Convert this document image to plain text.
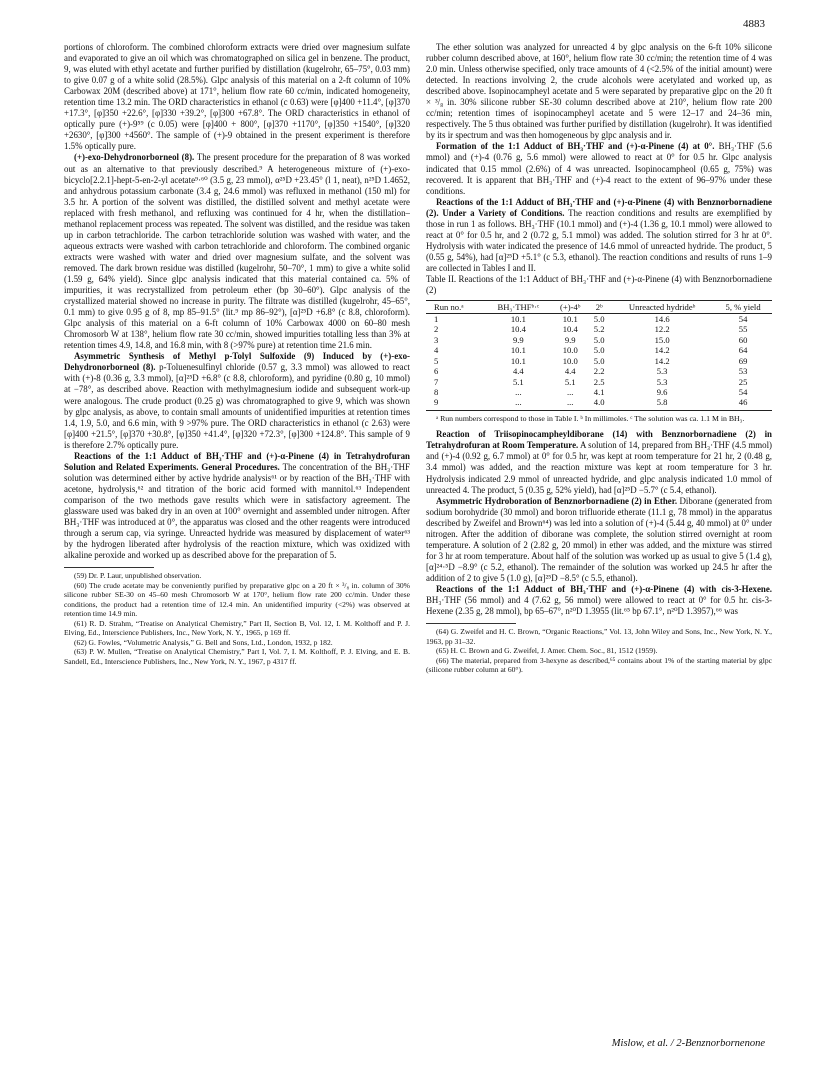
4883

portions of chloroform. The combined chloroform extracts were dried over magnesium sulfate and evaporated to give an oil which was chromatographed on silica gel in benzene. The product, 9, was eluted with ethyl acetate and further purified by distillation (kugelrohr, 65–75°, 0.03 mm) to give 0.07 g of a white solid (28.5%). Glpc analysis of this material on a 2-ft column of 10% Carbowax 20M (described above) at 171°, helium flow rate 60 cc/min, indicated homogeneity, retention time 13.2 min. The ORD characteristics in ethanol (c 0.63) were [φ]400 +11.4°, [φ]370 +17.3°, [φ]350 +22.6°, [φ]330 +39.2°, [φ]300 +67.8°. The ORD characteristics in ethanol of optically pure (+)-9⁵⁹ (c 0.05) were [φ]400 + 800°, [φ]370 +1170°, [φ]350 +1540°, [φ]320 +2630°, [φ]300 +4560°. The sample of (+)-9 obtained in the present experiment is therefore 1.5% optically pure.

(+)-exo-Dehydronorborneol (8). The present procedure for the preparation of 8 was worked out as an alternative to that previously described.⁹ A heterogeneous mixture of (+)-exo-bicyclo[2.2.1]-hept-5-en-2-yl acetate⁹·⁶⁰ (3.5 g, 23 mmol), α²⁵D +23.45° (l 1, neat), n²⁵D 1.4652, and anhydrous potassium carbonate (3.4 g, 24.6 mmol) was refluxed in methanol (150 ml) for 3.5 hr. A portion of the solvent was distilled, the distilled solvent and methyl acetate were replaced with fresh methanol, and refluxing was continued for 4 hr, when the distillation–methanol replacement process was repeated. The solvent was distilled, and the residue was taken up in carbon tetrachloride. The carbon tetrachloride solution was washed with water, and the aqueous extracts were washed with carbon tetrachloride and chloroform. The combined organic extracts were washed with water and dried over magnesium sulfate, and the solvent was removed. The dark brown residue was distilled (kugelrohr, 50–70°, 1 mm) to give a white solid (1.59 g, 64% yield). Since glpc analysis indicated that this material contained ca. 5% of impurities, it was recrystallized from petroleum ether (bp 30–60°). Glpc analysis of the crystallized material showed no increase in purity. The filtrate was distilled (kugelrohr, 45–65°, 0.1 mm) to give 0.95 g of 8, mp 85–91.5° (lit.⁹ mp 86–92°), [α]²⁵D +6.8° (c 8.8, chloroform). Glpc analysis of this material on a 6-ft column of 10% Carbowax 4000 on 60–80 mesh Chromosorb W at 138°, helium flow rate 30 cc/min, showed impurities totalling less than 3% at retention times 4.9, 14.8, and 16.8 min, with 8 (>97% pure) at retention time 21.6 min.

Asymmetric Synthesis of Methyl p-Tolyl Sulfoxide (9) Induced by (+)-exo-Dehydronorborneol (8). p-Toluenesulfinyl chloride (0.57 g, 3.3 mmol) was allowed to react with (+)-8 (0.36 g, 3.3 mmol), [α]²⁵D +6.8° (c 8.8, chloroform), and pyridine (0.80 g, 10 mmol) at −78°, as described above. Reaction with methylmagnesium iodide and subsequent work-up were analogous. The crude product (0.25 g) was chromatographed to give 9, which was shown by glpc analysis, as above, to contain small amounts of unidentified impurities at retention times 1.4, 1.9, 5.0, and 6.6 min, with 9 >97% pure. The ORD characteristics in ethanol (c 2.63) were [φ]400 +21.5°, [φ]370 +30.8°, [φ]350 +41.4°, [φ]320 +72.3°, [φ]300 +124.8°. This sample of 9 is therefore 2.7% optically pure.

Reactions of the 1:1 Adduct of BH₃·THF and (+)-α-Pinene (4) in Tetrahydrofuran Solution and Related Experiments. General Procedures. The concentration of the BH₃·THF solution was determined either by active hydride analysis⁶¹ or by reaction of the BH₃·THF with acetone, hydrolysis,⁶² and titration of the boric acid formed with mannitol.⁶³ Independent comparison of the two methods gave results which were in satisfactory agreement. The glassware used was baked dry in an oven at 100° overnight and assembled under nitrogen. After BH₃·THF was introduced at 0°, the apparatus was closed and the other reagents were introduced through a serum cap, via syringe. Unreacted hydride was measured by displacement of water⁶³ by the hydrogen liberated after hydrolysis of the reaction mixture, which was oxidized with alkaline peroxide and worked up as described above for the preparation of 5.

(59) Dr. P. Laur, unpublished observation.
(60) The crude acetate may be conveniently purified by preparative glpc on a 20 ft × ³/₈ in. column of 30% silicone rubber SE-30 on 45–60 mesh Chromosorb W at 170°, helium flow rate 200 cc/min. Under these conditions, the product had a retention time of 12.4 min. An unidentified impurity (<2%) was observed at retention time 14.9 min.
(61) R. D. Strahm, “Treatise on Analytical Chemistry,” Part II, Section B, Vol. 12, I. M. Kolthoff and P. J. Elving, Ed., Interscience Publishers, Inc., New York, N. Y., 1965, p 169 ff.
(62) G. Fowles, “Volumetric Analysis,” G. Bell and Sons, Ltd., London, 1932, p 182.
(63) P. W. Mullen, “Treatise on Analytical Chemistry,” Part I, Vol. 7, I. M. Kolthoff, P. J. Elving, and E. B. Sandell, Ed., Interscience Publishers, Inc., New York, N. Y., 1967, p 4317 ff.

The ether solution was analyzed for unreacted 4 by glpc analysis on the 6-ft 10% silicone rubber column described above, at 160°, helium flow rate 30 cc/min; the retention time of 4 was 2.0 min. Unless otherwise specified, only trace amounts of 4 (<2.5% of the initial amount) were detected. In reactions involving 2, the crude alcohols were acetylated and worked up, as described above. Isopinocampheyl acetate and 5 were separated by preparative glpc on the 20 ft × ³/₈ in. 30% silicone rubber SE-30 column described above at 210°, helium flow rate 200 cc/min; retention times of isopinocampheyl acetate and 5 were 12–17 and 24–36 min, respectively. The 5 thus obtained was further purified by distillation (kugelrohr). It was identified by its ir spectrum and was then homogeneous by glpc analysis and ir.

Formation of the 1:1 Adduct of BH₃·THF and (+)-α-Pinene (4) at 0°. BH₃·THF (5.6 mmol) and (+)-4 (0.76 g, 5.6 mmol) were allowed to react at 0° for 0.5 hr. Glpc analysis indicated that 0.15 mmol (2.6%) of 4 was unreacted. Isopinocampheol (0.65 g, 75%) was recovered. It is apparent that BH₃·THF and (+)-4 react to the extent of 96–97% under these conditions.

Reactions of the 1:1 Adduct of BH₃·THF and (+)-α-Pinene (4) with Benznorbornadiene (2). Under a Variety of Conditions. The reaction conditions and results are exemplified by those in run 1 as follows. BH₃·THF (10.1 mmol) and (+)-4 (1.36 g, 10.1 mmol) were allowed to react at 0° for 0.5 hr, and 2 (0.72 g, 5.1 mmol) was added. The solution stirred for 3 hr at 0°. Hydrolysis with water indicated the presence of 14.6 mmol of unreacted hydride. The product, 5 (0.55 g, 54%), had [α]²⁵D +5.1° (c 5.3, ethanol). The reaction conditions and results of runs 1–9 are collected in Tables I and II.

Table II. Reactions of the 1:1 Adduct of BH₃·THF and (+)-α-Pinene (4) with Benznorbornadiene (2)

Run no.ᵃ	BH₃·THFᵇ·ᶜ	(+)-4ᵇ	2ᵇ	Unreacted hydrideᵇ	5, % yield
1	10.1	10.1	5.0	14.6	54
2	10.4	10.4	5.2	12.2	55
3	9.9	9.9	5.0	15.0	60
4	10.1	10.0	5.0	14.2	64
5	10.1	10.0	5.0	14.2	69
6	4.4	4.4	2.2	5.3	53
7	5.1	5.1	2.5	5.3	25
8	...	...	4.1	9.6	54
9	...	...	4.0	5.8	46
ᵃ Run numbers correspond to those in Table I. ᵇ In millimoles. ᶜ The solution was ca. 1.1 M in BH₃.

Reaction of Triisopinocampheyldiborane (14) with Benznorbornadiene (2) in Tetrahydrofuran at Room Temperature. A solution of 14, prepared from BH₃·THF (4.5 mmol) and (+)-4 (0.92 g, 6.7 mmol) at 0° for 0.5 hr, was kept at room temperature for 21 hr, 2 (0.48 g, 3.4 mmol) was added, and the reaction mixture was kept at room temperature for 3 hr. Hydrolysis indicated 2.9 mmol of unreacted hydride, and glpc analysis indicated 1.0 mmol of unreacted 4. The product, 5 (0.35 g, 52% yield), had [α]²⁵D −5.7° (c 5.4, ethanol).

Asymmetric Hydroboration of Benznorbornadiene (2) in Ether. Diborane (generated from sodium borohydride (30 mmol) and boron trifluoride etherate (11.1 g, 78 mmol) in the apparatus described by Zweifel and Brown⁶⁴) was led into a solution of (+)-4 (5.44 g, 40 mmol) at 0° under nitrogen. After the addition of diborane was complete, the solution stirred overnight at room temperature. A solution of 2 (2.82 g, 20 mmol) in ether was added, and the mixture was stirred for 3 hr at room temperature. About half of the solution was worked up as usual to give 5 (1.4 g), [α]²⁴·⁵D −8.9° (c 5.2, ethanol). The remainder of the solution was worked up 24.5 hr after the addition of 2 to give 5 (1.0 g), [α]²⁵D −8.5° (c 5.5, ethanol).

Reactions of the 1:1 Adduct of BH₃·THF and (+)-α-Pinene (4) with cis-3-Hexene. BH₃·THF (56 mmol) and 4 (7.62 g, 56 mmol) were allowed to react at 0° for 0.5 hr. cis-3-Hexene (2.35 g, 28 mmol), bp 65–67°, n²⁰D 1.3955 (lit.⁶⁵ bp 67.1°, n²⁰D 1.3957),⁶⁶ was

(64) G. Zweifel and H. C. Brown, “Organic Reactions,” Vol. 13, John Wiley and Sons, Inc., New York, N. Y., 1963, pp 31–32.
(65) H. C. Brown and G. Zweifel, J. Amer. Chem. Soc., 81, 1512 (1959).
(66) The material, prepared from 3-hexyne as described,⁶⁵ contains about 1% of the starting material by glpc (silicone rubber column at 60°).
Mislow, et al. / 2-Benznorbornenone
